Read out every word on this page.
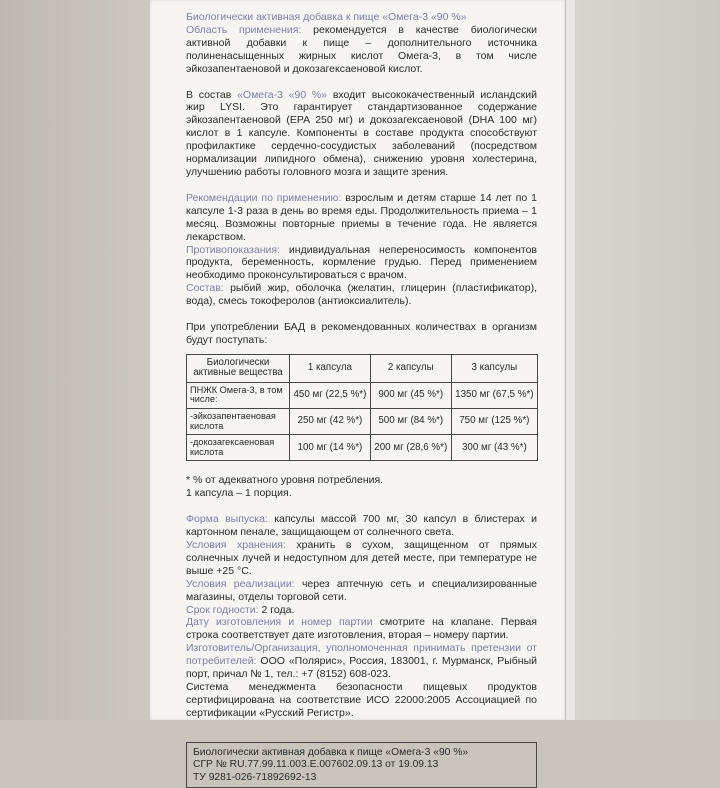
Биологически активная добавка к пище «Омега-3 «90 %»

Область применения: рекомендуется в качестве биологически активной добавки к пище – дополнительного источника полиненасыщенных жирных кислот Омега-3, в том числе эйкозапентаеновой и докозагексаеновой кислот.

В состав «Омега-3 «90 %» входит высококачественный исландский жир LYSI. Это гарантирует стандартизованное содержание эйкозапентаеновой (EPA 250 мг) и докозагексаеновой (DHA 100 мг) кислот в 1 капсуле. Компоненты в составе продукта способствуют профилактике сердечно-сосудистых заболеваний (посредством нормализации липидного обмена), снижению уровня холестерина, улучшению работы головного мозга и защите зрения.

Рекомендации по применению: взрослым и детям старше 14 лет по 1 капсуле 1-3 раза в день во время еды. Продолжительность приема – 1 месяц. Возможны повторные приемы в течение года. Не является лекарством.

Противопоказания: индивидуальная непереносимость компонентов продукта, беременность, кормление грудью. Перед применением необходимо проконсультироваться с врачом.

Состав: рыбий жир, оболочка (желатин, глицерин (пластификатор), вода), смесь токоферолов (антиоксиалитель).

При употреблении БАД в рекомендованных количествах в организм будут поступать:

Биологически активные вещества	1 капсула	2 капсулы	3 капсулы
ПНЖК Омега-3, в том числе:	450 мг (22,5 %*)	900 мг (45 %*)	1350 мг (67,5 %*)
-эйкозапентаеновая кислота	250 мг (42 %*)	500 мг (84 %*)	750 мг (125 %*)
-докозагексаеновая кислота	100 мг (14 %*)	200 мг (28,6 %*)	300 мг (43 %*)

* % от адекватного уровня потребления.

1 капсула – 1 порция.

Форма выпуска: капсулы массой 700 мг, 30 капсул в блистерах и картонном пенале, защищающем от солнечного света.

Условия хранения: хранить в сухом, защищенном от прямых солнечных лучей и недоступном для детей месте, при температуре не выше +25 °С.

Условия реализации: через аптечную сеть и специализированные магазины, отделы торговой сети.

Срок годности: 2 года.

Дату изготовления и номер партии смотрите на клапане. Первая строка соответствует дате изготовления, вторая – номеру партии.

Изготовитель/Организация, уполномоченная принимать претензии от потребителей: ООО «Полярис», Россия, 183001, г. Мурманск, Рыбный порт, причал № 1, тел.: +7 (8152) 608-023.

Система менеджмента безопасности пищевых продуктов сертифицирована на соответствие ИСО 22000:2005 Ассоциацией по сертификации «Русский Регистр».

Биологически активная добавка к пище «Омега-3 «90 %»

СГР № RU.77.99.11.003.Е.007602.09.13 от 19.09.13

ТУ 9281-026-71892692-13
